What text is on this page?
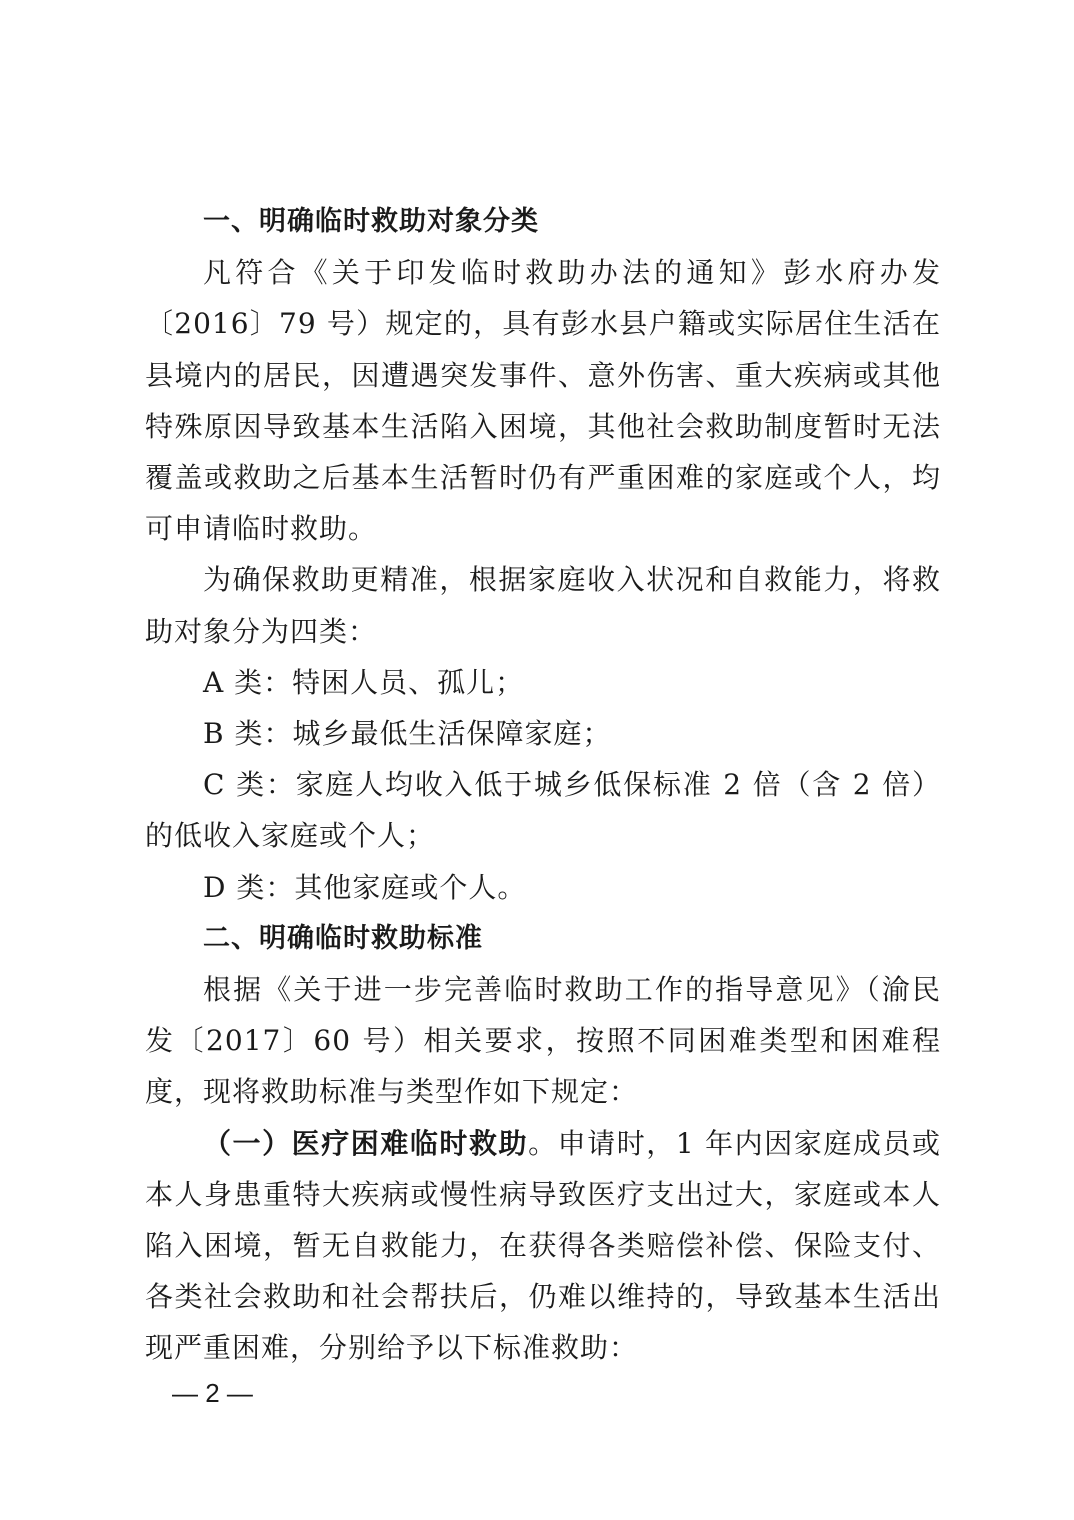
一、明确临时救助对象分类

凡符合《关于印发临时救助办法的通知》彭水府办发〔2016〕79 号）规定的，具有彭水县户籍或实际居住生活在县境内的居民，因遭遇突发事件、意外伤害、重大疾病或其他特殊原因导致基本生活陷入困境，其他社会救助制度暂时无法覆盖或救助之后基本生活暂时仍有严重困难的家庭或个人，均可申请临时救助。

为确保救助更精准，根据家庭收入状况和自救能力，将救助对象分为四类：

A 类：特困人员、孤儿；

B 类：城乡最低生活保障家庭；

C 类：家庭人均收入低于城乡低保标准 2 倍（含 2 倍）的低收入家庭或个人；

D 类：其他家庭或个人。

二、明确临时救助标准

根据《关于进一步完善临时救助工作的指导意见》（渝民发〔2017〕60 号）相关要求，按照不同困难类型和困难程度，现将救助标准与类型作如下规定：

（一）医疗困难临时救助。申请时，1 年内因家庭成员或本人身患重特大疾病或慢性病导致医疗支出过大，家庭或本人陷入困境，暂无自救能力，在获得各类赔偿补偿、保险支付、各类社会救助和社会帮扶后，仍难以维持的，导致基本生活出现严重困难，分别给予以下标准救助：

— 2 —
